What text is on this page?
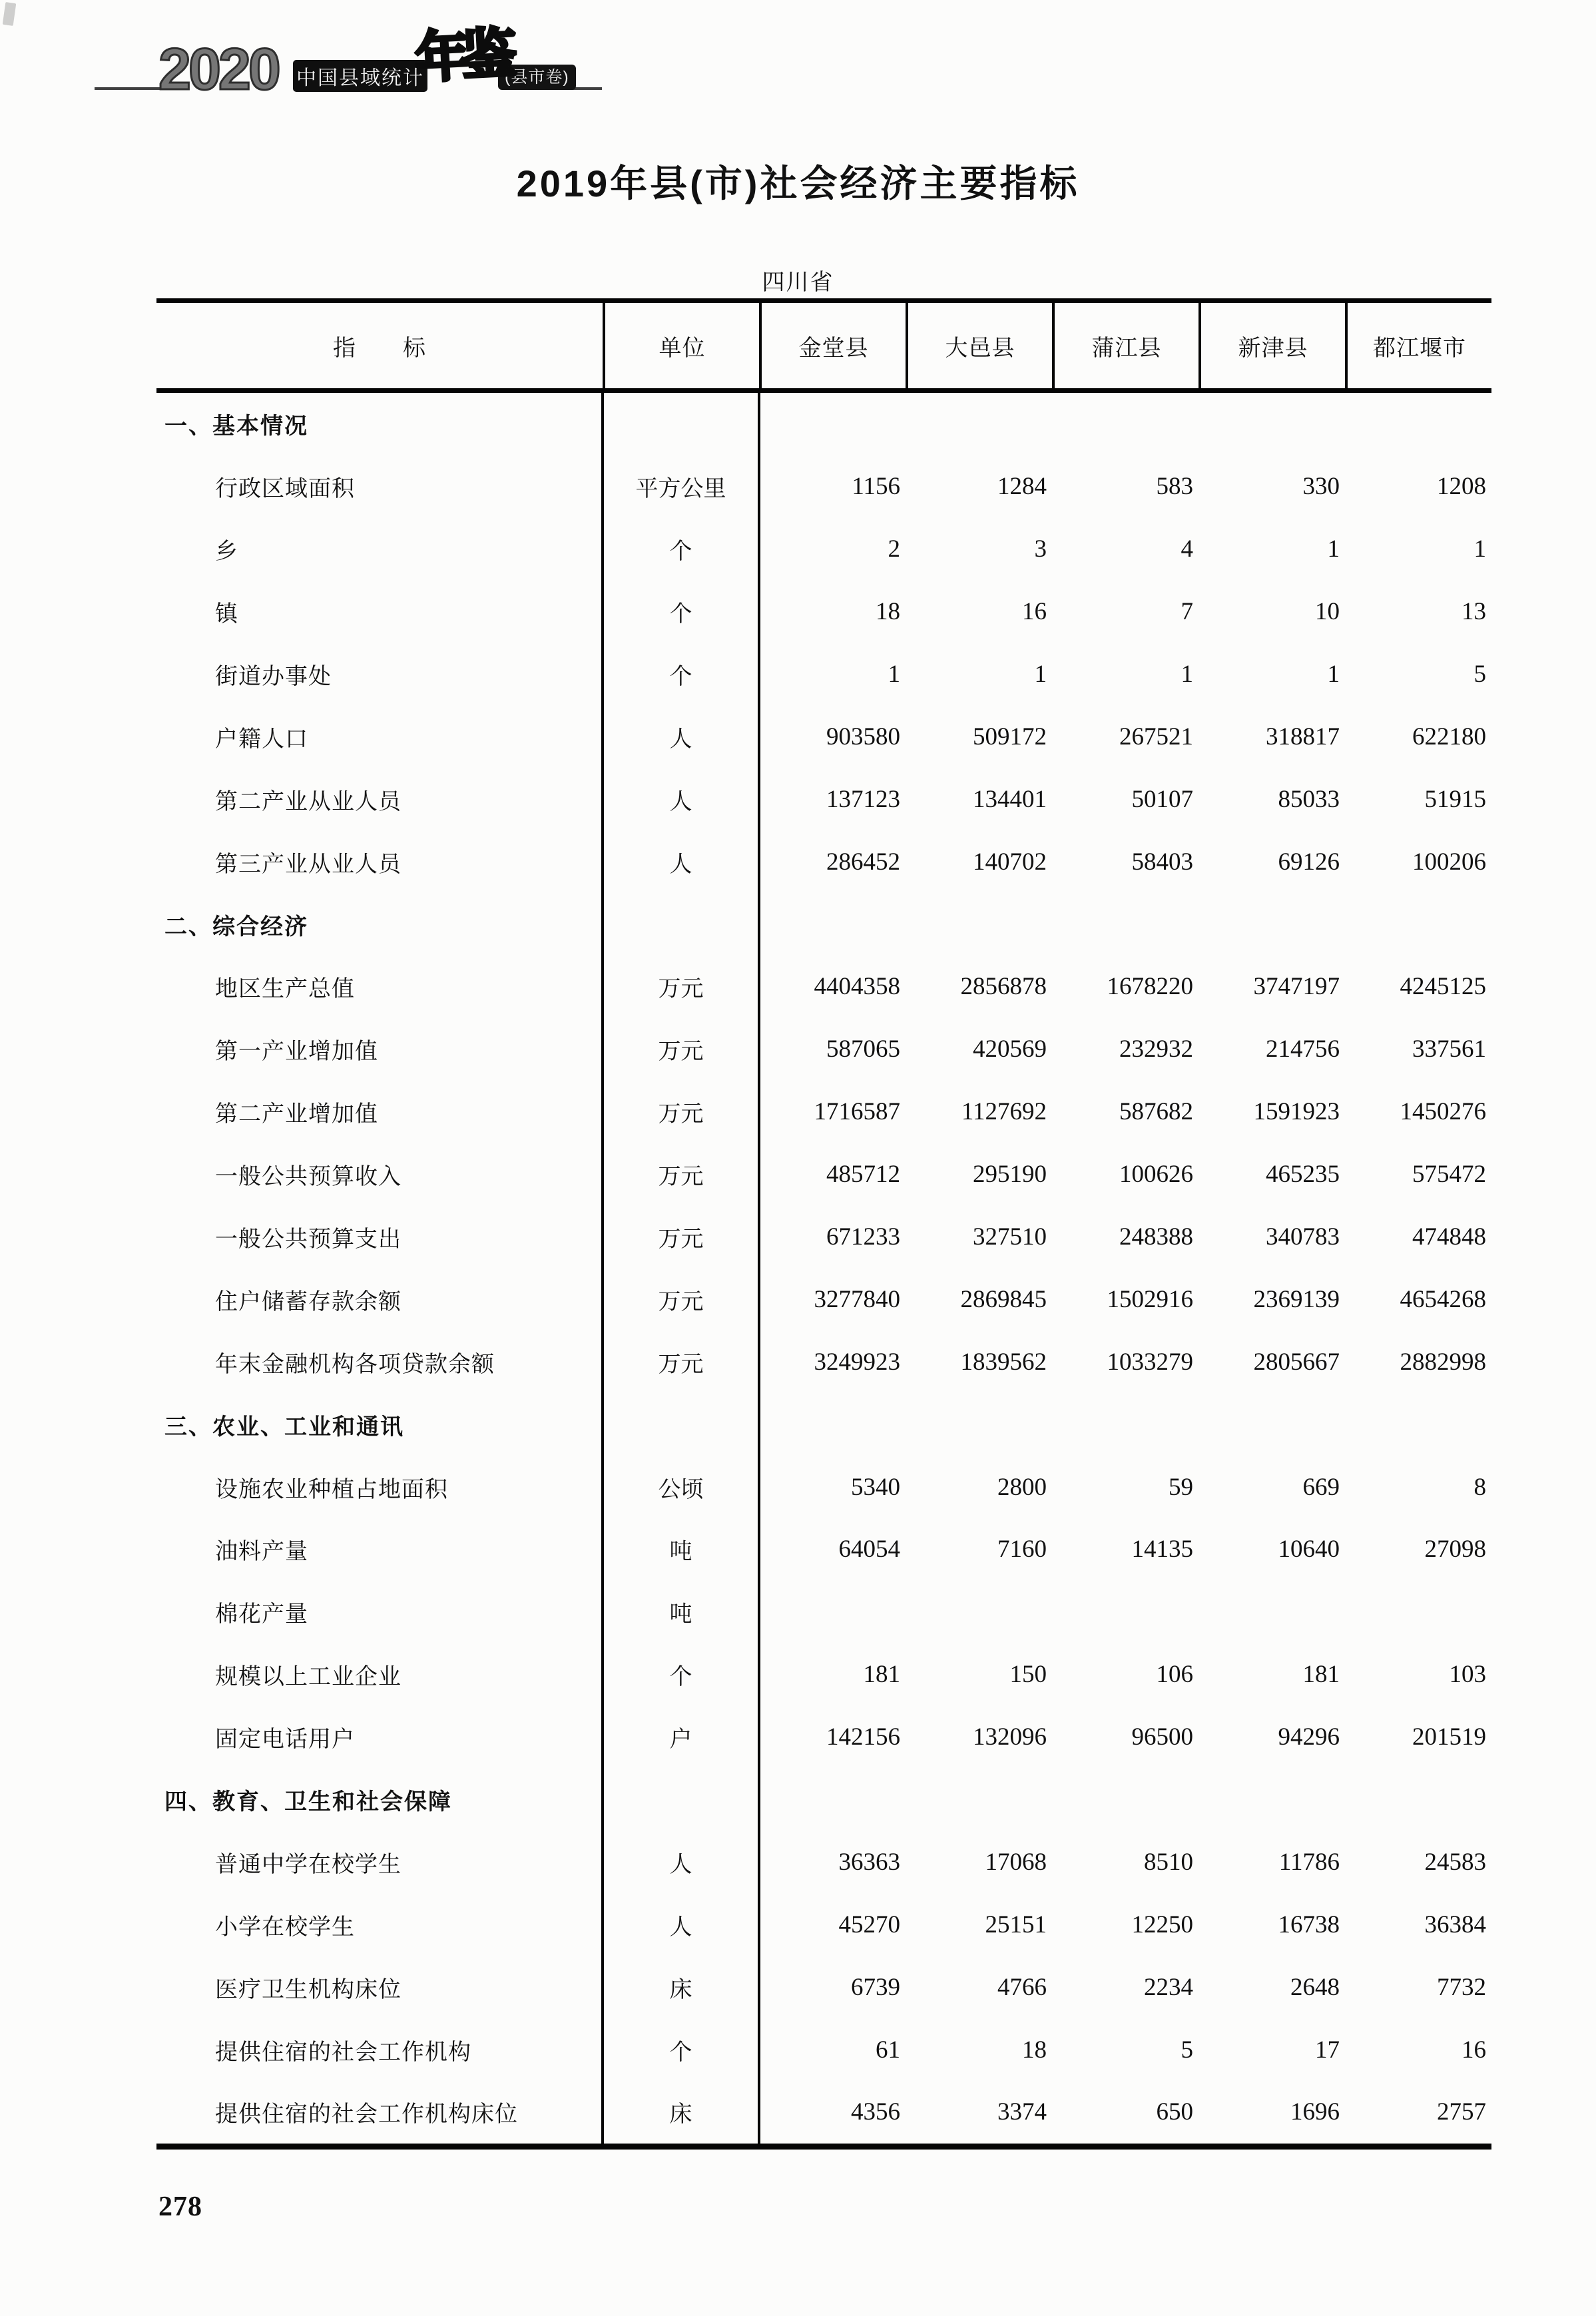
2020 中国县域统计
年鉴
(县市卷)
2019年县(市)社会经济主要指标
四川省
指　　标	单位	金堂县	大邑县	蒲江县	新津县	都江堰市
一、基本情况
行政区域面积	平方公里	1156	1284	583	330	1208
乡	个	2	3	4	1	1
镇	个	18	16	7	10	13
街道办事处	个	1	1	1	1	5
户籍人口	人	903580	509172	267521	318817	622180
第二产业从业人员	人	137123	134401	50107	85033	51915
第三产业从业人员	人	286452	140702	58403	69126	100206
二、综合经济
地区生产总值	万元	4404358	2856878	1678220	3747197	4245125
第一产业增加值	万元	587065	420569	232932	214756	337561
第二产业增加值	万元	1716587	1127692	587682	1591923	1450276
一般公共预算收入	万元	485712	295190	100626	465235	575472
一般公共预算支出	万元	671233	327510	248388	340783	474848
住户储蓄存款余额	万元	3277840	2869845	1502916	2369139	4654268
年末金融机构各项贷款余额	万元	3249923	1839562	1033279	2805667	2882998
三、农业、工业和通讯
设施农业种植占地面积	公顷	5340	2800	59	669	8
油料产量	吨	64054	7160	14135	10640	27098
棉花产量	吨
规模以上工业企业	个	181	150	106	181	103
固定电话用户	户	142156	132096	96500	94296	201519
四、教育、卫生和社会保障
普通中学在校学生	人	36363	17068	8510	11786	24583
小学在校学生	人	45270	25151	12250	16738	36384
医疗卫生机构床位	床	6739	4766	2234	2648	7732
提供住宿的社会工作机构	个	61	18	5	17	16
提供住宿的社会工作机构床位	床	4356	3374	650	1696	2757
278
